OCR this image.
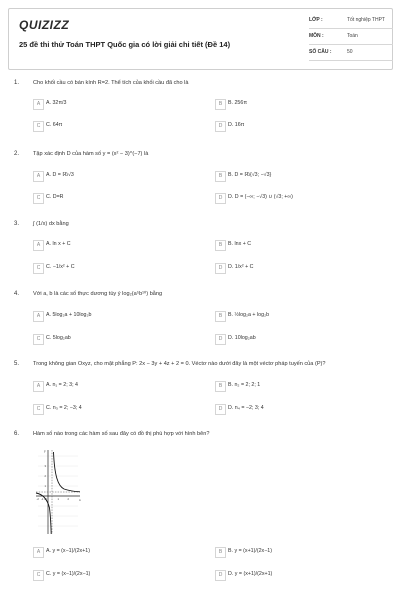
QUIZIZZ
25 đề thi thử Toán THPT Quốc gia có lời giải chi tiết (Đề 14)
LỚP :	Tốt nghiệp THPT
MÔN :	Toán
SỐ CÂU :	50
1. Cho khối cầu có bán kính R=2. Thể tích của khối cầu đã cho là
A	A. 32π/3	B	B. 256π
C	C. 64π	D	D. 16π
2. Tập xác định D của hàm số y = (x² − 3)^(−7) là
A	A. D = ℝ\√3	B	B. D = ℝ\{√3; −√3}
C	C. D=R	D	D. D = (−∞; −√3) ∪ (√3; +∞)
3. ∫ (1/x) dx bằng
A	A. ln x + C	B	B. lnx + C
C	C. −1/x² + C	D	D. 1/x² + C
4. Với a, b là các số thực dương tùy ý log₂(a⁵b¹⁰) bằng
A	A. 5log₂a + 10log₂b	B	B. ½log₂a + log₂b
C	C. 5log₂ab	D	D. 10log₂ab
5. Trong không gian Oxyz, cho mặt phẳng P: 2x − 3y + 4z + 2 = 0. Véctơ nào dưới đây là một véctơ pháp tuyến của (P)?
A	A. n₁ = 2; 3; 4	B	B. n₂ = 2; 2; 1
C	C. n₃ = 2; −3; 4	D	D. n₄ = −2; 3; 4
6. Hàm số nào trong các hàm số sau đây có đồ thị phù hợp với hình bên?
x
y
O
3
2
1
-2 -1	1	2
A	A. y = (x−1)/(2x+1)	B	B. y = (x+1)/(2x−1)
C	C. y = (x−1)/(2x−1)	D	D. y = (x+1)/(2x+1)
